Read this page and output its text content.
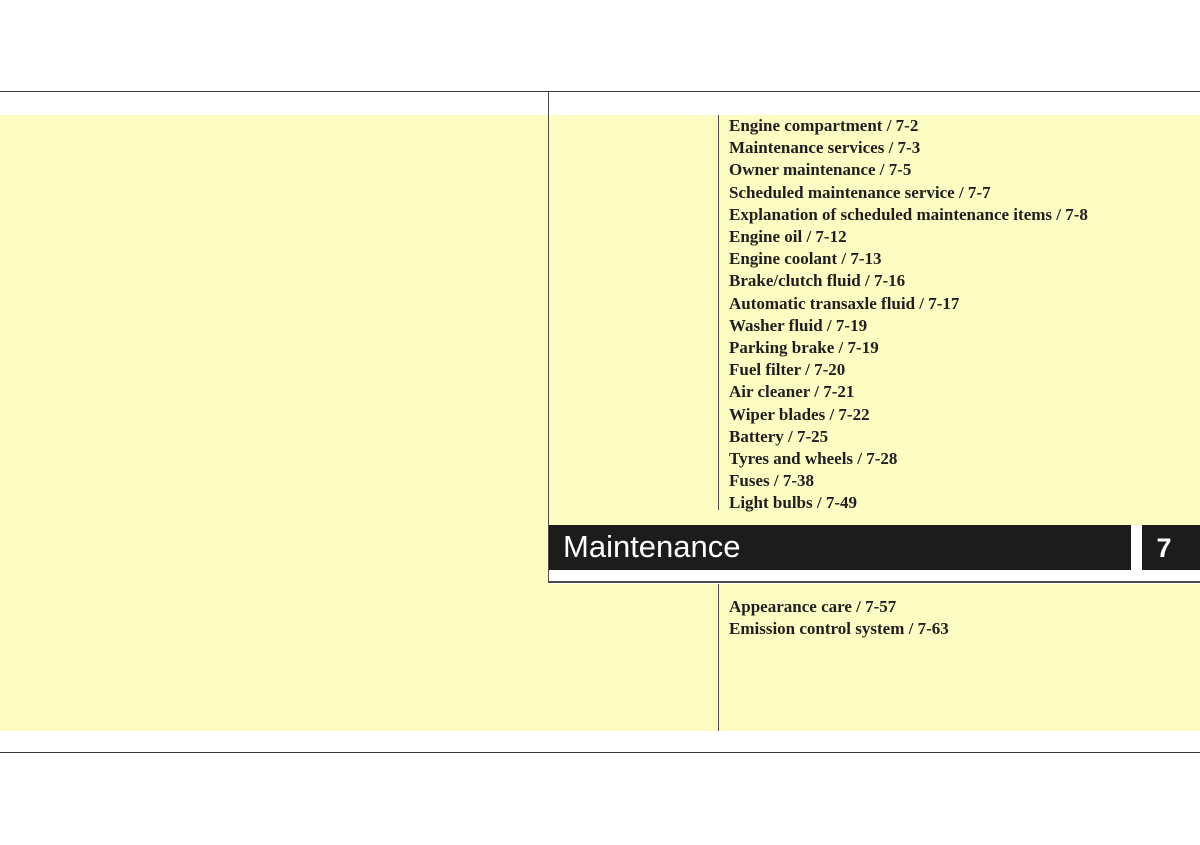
Engine compartment / 7-2
Maintenance services / 7-3
Owner maintenance / 7-5
Scheduled maintenance service / 7-7
Explanation of scheduled maintenance items / 7-8
Engine oil / 7-12
Engine coolant / 7-13
Brake/clutch fluid / 7-16
Automatic transaxle fluid / 7-17
Washer fluid / 7-19
Parking brake / 7-19
Fuel filter / 7-20
Air cleaner / 7-21
Wiper blades / 7-22
Battery / 7-25
Tyres and wheels / 7-28
Fuses / 7-38
Light bulbs / 7-49
Maintenance	7
Appearance care / 7-57
Emission control system / 7-63
